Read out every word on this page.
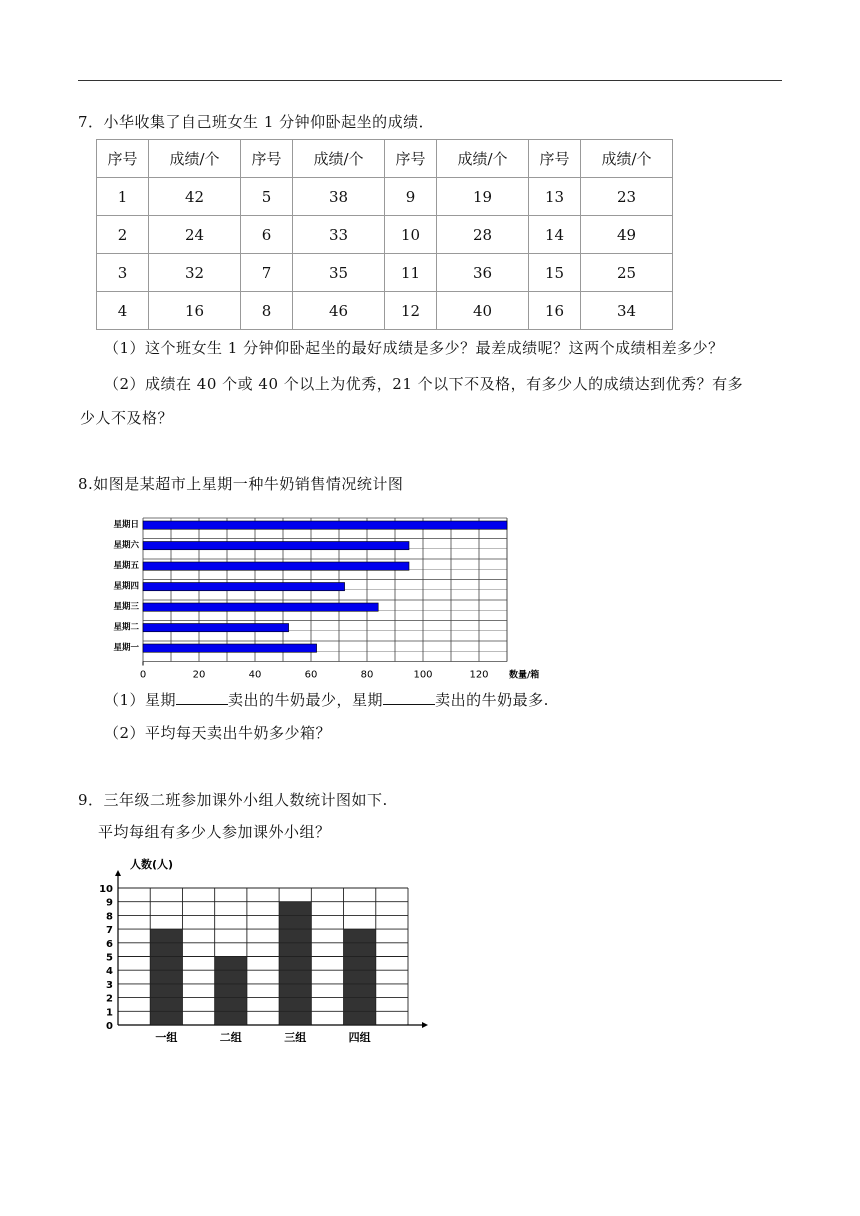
7．小华收集了自己班女生 1 分钟仰卧起坐的成绩．
序号	成绩/个	序号	成绩/个	序号	成绩/个	序号	成绩/个
1	42	5	38	9	19	13	23
2	24	6	33	10	28	14	49
3	32	7	35	11	36	15	25
4	16	8	46	12	40	16	34
（1）这个班女生 1 分钟仰卧起坐的最好成绩是多少？最差成绩呢？这两个成绩相差多少？
（2）成绩在 40 个或 40 个以上为优秀，21 个以下不及格，有多少人的成绩达到优秀？有多
少人不及格？
8.如图是某超市上星期一种牛奶销售情况统计图
星期日
星期六
星期五
星期四
星期三
星期二
星期一
0	20	40	60	80	100	120 数量/箱
（1）星期	卖出的牛奶最少，星期	卖出的牛奶最多.
（2）平均每天卖出牛奶多少箱？
9．三年级二班参加课外小组人数统计图如下.
平均每组有多少人参加课外小组？
0
1
2
3
4
5
6
7
8
9
10
人数(人)
一组	二组	三组	四组
